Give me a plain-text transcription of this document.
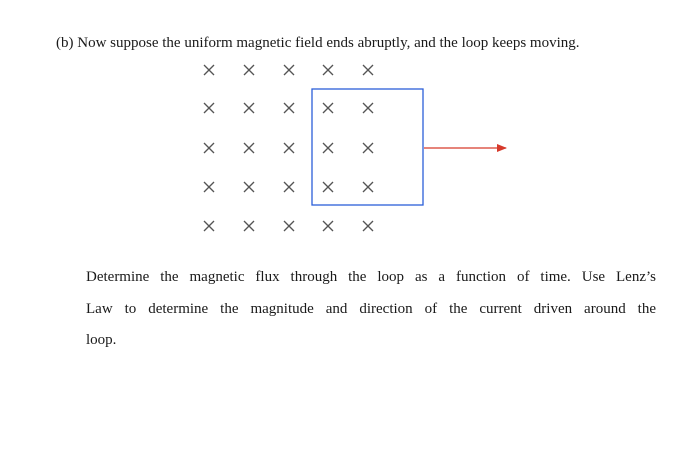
(b) Now suppose the uniform magnetic field ends abruptly, and the loop keeps moving.
Determine the magnetic flux through the loop as a function of time. Use Lenz’s
Law to determine the magnitude and direction of the current driven around the
loop.
